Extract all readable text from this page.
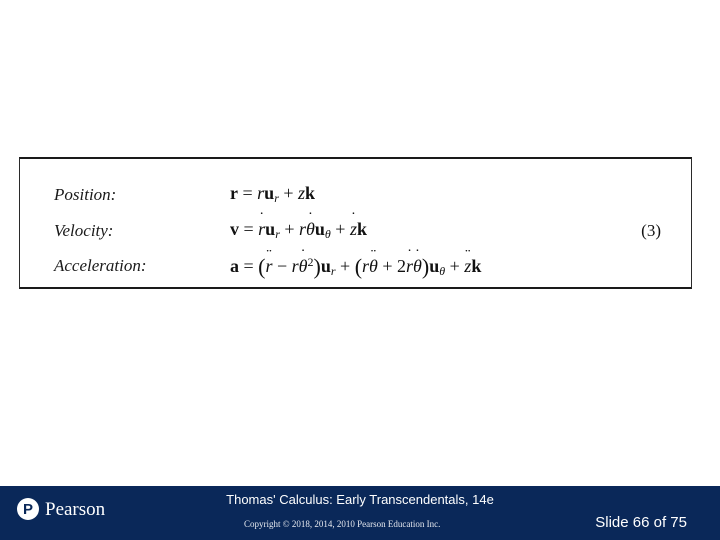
Position:	$r = ru_r$ + zk
Velocity:	v = ˙ $ru_r$ + r˙ $\theta u_\theta$ + ˙ zk
Acceleration:	a = (¨ r − r˙ $\theta^2)u_r$ + (r¨ θ + 2˙ r˙ $\theta)u_\theta$ + ¨ zk
(3)
P Pearson	Thomas' Calculus: Early Transcendentals, 14e
Copyright © 2018, 2014, 2010 Pearson Education Inc.	Slide 66 of 75
